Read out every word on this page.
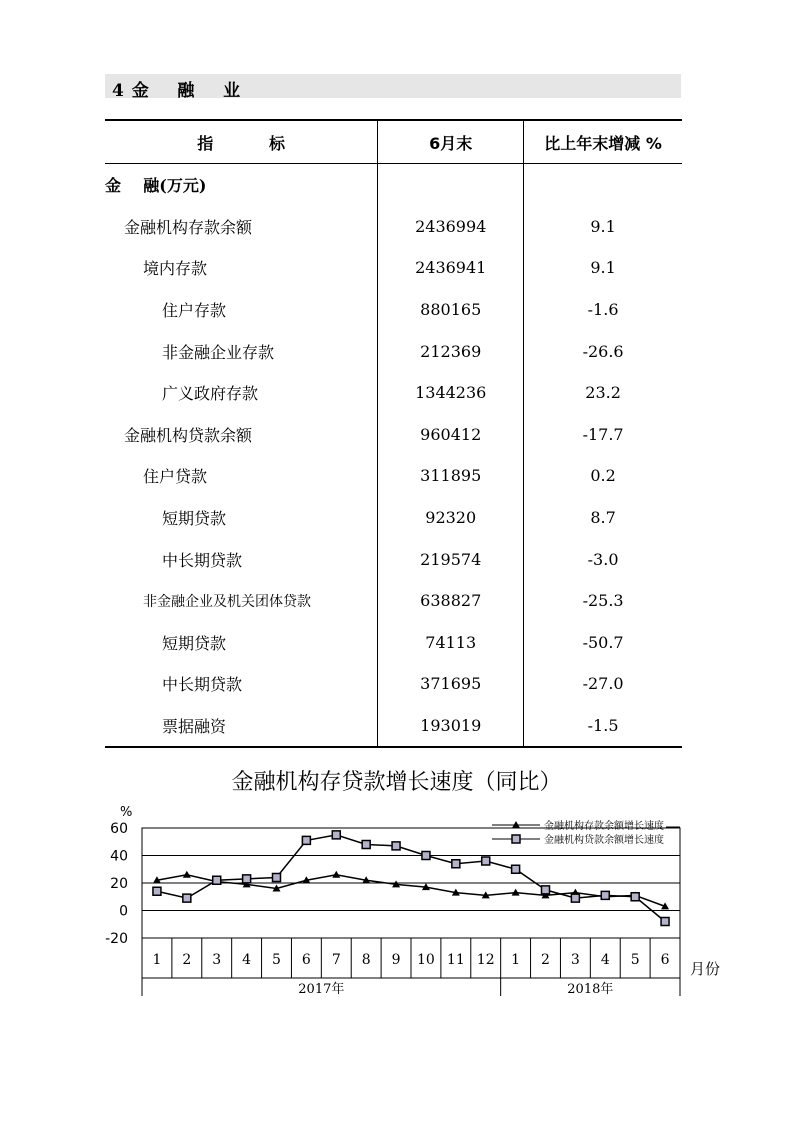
4 金    融    业
指          标	6月末	比上年末增减 %
金    融(万元)		
金融机构存款余额	2436994	9.1
境内存款	2436941	9.1
住户存款	880165	-1.6
非金融企业存款	212369	-26.6
广义政府存款	1344236	23.2
金融机构贷款余额	960412	-17.7
住户贷款	311895	0.2
短期贷款	92320	8.7
中长期贷款	219574	-3.0
非金融企业及机关团体贷款	638827	-25.3
短期贷款	74113	-50.7
中长期贷款	371695	-27.0
票据融资	193019	-1.5
金融机构存贷款增长速度（同比）
-20
0
20
40
60
%
1 2 3 4 5 6 7 8 9 10 11 12 1 2 3 4 5 6
2017年	2018年
月份
金融机构存款余额增长速度
金融机构贷款余额增长速度
